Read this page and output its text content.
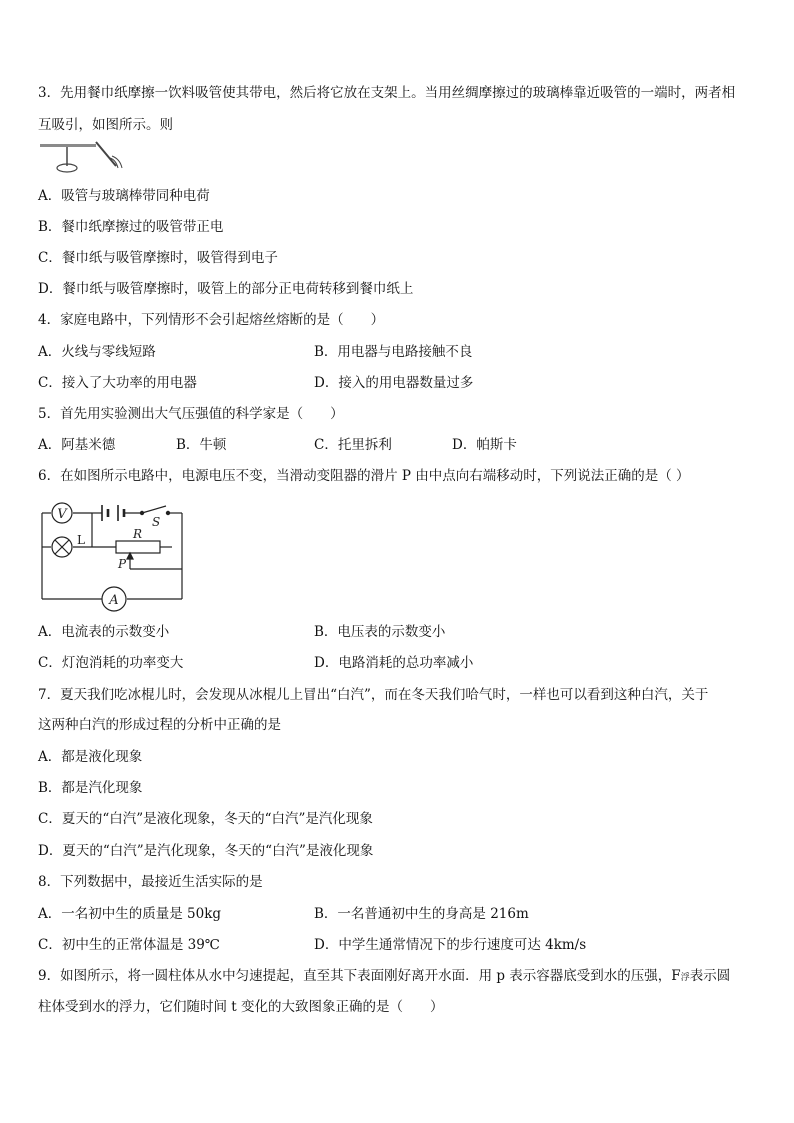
3．先用餐巾纸摩擦一饮料吸管使其带电，然后将它放在支架上。当用丝绸摩擦过的玻璃棒靠近吸管的一端时，两者相
互吸引，如图所示。则
A．吸管与玻璃棒带同种电荷
B．餐巾纸摩擦过的吸管带正电
C．餐巾纸与吸管摩擦时，吸管得到电子
D．餐巾纸与吸管摩擦时，吸管上的部分正电荷转移到餐巾纸上
4．家庭电路中，下列情形不会引起熔丝熔断的是（　　）
A．火线与零线短路	B．用电器与电路接触不良
C．接入了大功率的用电器	D．接入的用电器数量过多
5．首先用实验测出大气压强值的科学家是（　　）
A．阿基米德	B．牛顿	C．托里拆利	D．帕斯卡
6．在如图所示电路中，电源电压不变，当滑动变阻器的滑片 P 由中点向右端移动时，下列说法正确的是（ ）
V	S
L	R
P
A
A．电流表的示数变小	B．电压表的示数变小
C．灯泡消耗的功率变大	D．电路消耗的总功率减小
7．夏天我们吃冰棍儿时，会发现从冰棍儿上冒出“白汽”，而在冬天我们哈气时，一样也可以看到这种白汽，关于
这两种白汽的形成过程的分析中正确的是
A．都是液化现象
B．都是汽化现象
C．夏天的“白汽”是液化现象，冬天的“白汽”是汽化现象
D．夏天的“白汽”是汽化现象，冬天的“白汽”是液化现象
8．下列数据中，最接近生活实际的是
A．一名初中生的质量是 50kg	B．一名普通初中生的身高是 216m
C．初中生的正常体温是 39℃	D．中学生通常情况下的步行速度可达 4km/s
9．如图所示，将一圆柱体从水中匀速提起，直至其下表面刚好离开水面．用 p 表示容器底受到水的压强，F浮表示圆
柱体受到水的浮力，它们随时间 t 变化的大致图象正确的是（　　）
